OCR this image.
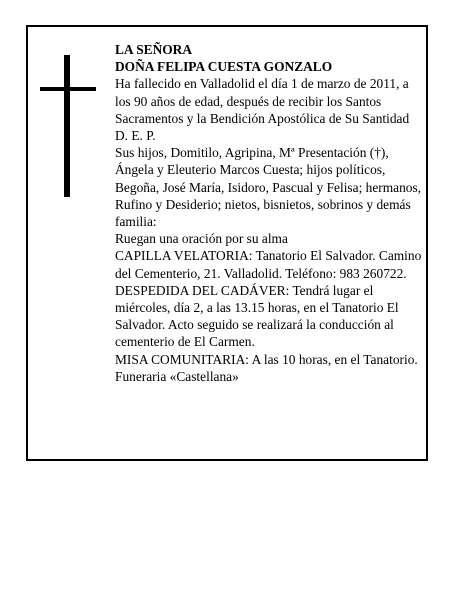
LA SEÑORA

DOÑA FELIPA CUESTA GONZALO

Ha fallecido en Valladolid el día 1 de marzo de 2011, a los 90 años de edad, después de recibir los Santos Sacramentos y la Bendición Apostólica de Su Santidad D. E. P.

Sus hijos, Domitilo, Agripina, Mª Presentación (†), Ángela y Eleuterio Marcos Cuesta; hijos políticos, Begoña, José María, Isidoro, Pascual y Felisa; hermanos, Rufino y Desiderio; nietos, bisnietos, sobrinos y demás familia:

Ruegan una oración por su alma

CAPILLA VELATORIA: Tanatorio El Salvador. Camino del Cementerio, 21. Valladolid. Teléfono: 983 260722.

DESPEDIDA DEL CADÁVER: Tendrá lugar el miércoles, día 2, a las 13.15 horas, en el Tanatorio El Salvador. Acto seguido se realizará la conducción al cementerio de El Carmen.

MISA COMUNITARIA: A las 10 horas, en el Tanatorio.

Funeraria «Castellana»
